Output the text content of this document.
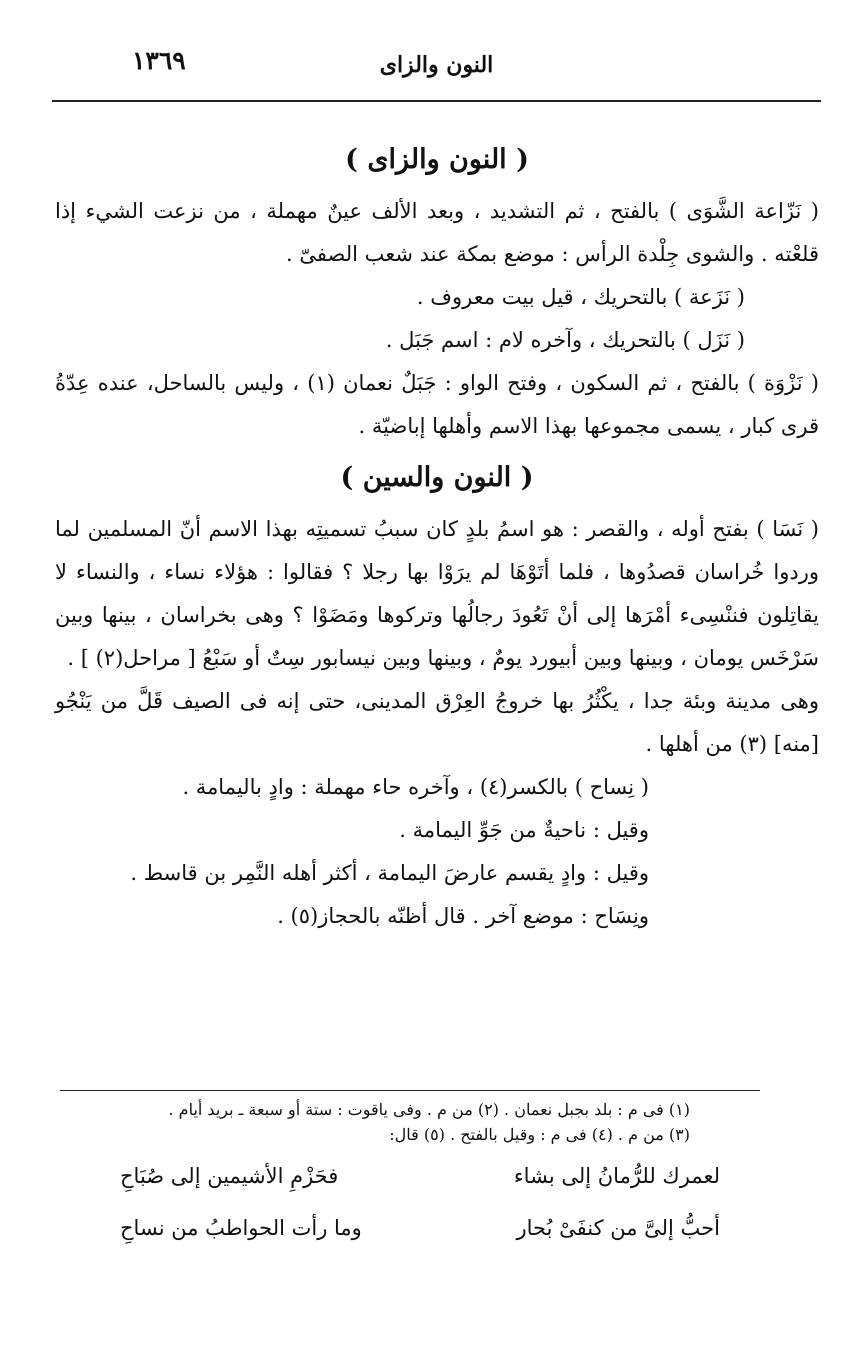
١٣٦٩	النون والزاى
( النون والزاى )

( نَزّاعة الشَّوَى ) بالفتح ، ثم التشديد ، وبعد الألف عينٌ مهملة ، من نزعت الشيء إذا قلعْته . والشوى جِلْدة الرأس : موضع بمكة عند شعب الصفىّ .

( نَزَعة ) بالتحريك ، قيل بيت معروف .

( نَزَل ) بالتحريك ، وآخره لام : اسم جَبَل .

( نَزْوَة ) بالفتح ، ثم السكون ، وفتح الواو : جَبَلٌ نعمان (١) ، وليس بالساحل، عنده عِدّةُ قرى كبار ، يسمى مجموعها بهذا الاسم وأهلها إباضيّة .

( النون والسين )

( نَسَا ) بفتح أوله ، والقصر : هو اسمُ بلدٍ كان سببُ تسميتِه بهذا الاسم أنّ المسلمين لما وردوا خُراسان قصدُوها ، فلما أتَوْهَا لم يرَوْا بها رجلا ؟ فقالوا : هؤلاء نساء ، والنساء لا يقاتِلون فننْسِىء أمْرَها إلى أنْ تَعُودَ رجالُها وتركوها ومَضَوْا ؟ وهى بخراسان ، بينها وبين سَرْخَس يومان ، وبينها وبين أبيورد يومٌ ، وبينها وبين نيسابور سِتٌ أو سَبْعُ [ مراحل(٢) ] .

وهى مدينة وبئة جدا ، يكْثُرُ بها خروجُ العِرْق المدينى، حتى إنه فى الصيف قَلَّ من يَنْجُو [منه] (٣) من أهلها .

( نِساح ) بالكسر(٤) ، وآخره حاء مهملة : وادٍ باليمامة .

وقيل : ناحيةٌ من جَوِّ اليمامة .

وقيل : وادٍ يقسم عارضَ اليمامة ، أكثر أهله النَّمِر بن قاسط .

ونِسَاح : موضع آخر . قال أظنّه بالحجاز(٥) .

(١) فى م : بلد بجبل نعمان . (٢) من م . وفى ياقوت : ستة أو سبعة ـ بريد أيام .

(٣) من م . (٤) فى م : وقيل بالفتح . (٥) قال:

لعمرك للرُّمانُ إلى بشاء
فحَزْمِ الأشيمين إلى صُبَاحِ
أحبُّ إلىَّ من كنفَىْ بُحار
وما رأت الحواطبُ من نساحِ
